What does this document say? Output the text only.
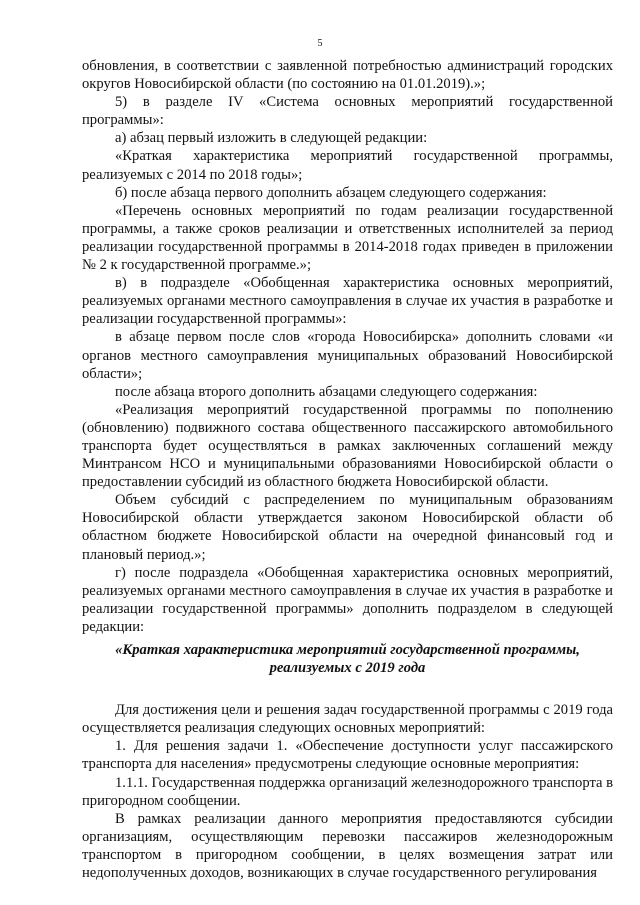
5

обновления, в соответствии с заявленной потребностью администраций городских округов Новосибирской области (по состоянию на 01.01.2019).»;

5) в разделе IV «Система основных мероприятий государственной программы»:

а) абзац первый изложить в следующей редакции:

«Краткая характеристика мероприятий государственной программы, реализуемых с 2014 по 2018 годы»;

б) после абзаца первого дополнить абзацем следующего содержания:

«Перечень основных мероприятий по годам реализации государственной программы, а также сроков реализации и ответственных исполнителей за период реализации государственной программы в 2014-2018 годах приведен в приложении № 2 к государственной программе.»;

в) в подразделе «Обобщенная характеристика основных мероприятий, реализуемых органами местного самоуправления в случае их участия в разработке и реализации государственной программы»:

в абзаце первом после слов «города Новосибирска» дополнить словами «и органов местного самоуправления муниципальных образований Новосибирской области»;

после абзаца второго дополнить абзацами следующего содержания:

«Реализация мероприятий государственной программы по пополнению (обновлению) подвижного состава общественного пассажирского автомобильного транспорта будет осуществляться в рамках заключенных соглашений между Минтрансом НСО и муниципальными образованиями Новосибирской области о предоставлении субсидий из областного бюджета Новосибирской области.

Объем субсидий с распределением по муниципальным образованиям Новосибирской области утверждается законом Новосибирской области об областном бюджете Новосибирской области на очередной финансовый год и плановый период.»;

г) после подраздела «Обобщенная характеристика основных мероприятий, реализуемых органами местного самоуправления в случае их участия в разработке и реализации государственной программы» дополнить подразделом в следующей редакции:

«Краткая характеристика мероприятий государственной программы,
реализуемых с 2019 года

Для достижения цели и решения задач государственной программы с 2019 года осуществляется реализация следующих основных мероприятий:

1. Для решения задачи 1. «Обеспечение доступности услуг пассажирского транспорта для населения» предусмотрены следующие основные мероприятия:

1.1.1. Государственная поддержка организаций железнодорожного транспорта в пригородном сообщении.

В рамках реализации данного мероприятия предоставляются субсидии организациям, осуществляющим перевозки пассажиров железнодорожным транспортом в пригородном сообщении, в целях возмещения затрат или недополученных доходов, возникающих в случае государственного регулирования
